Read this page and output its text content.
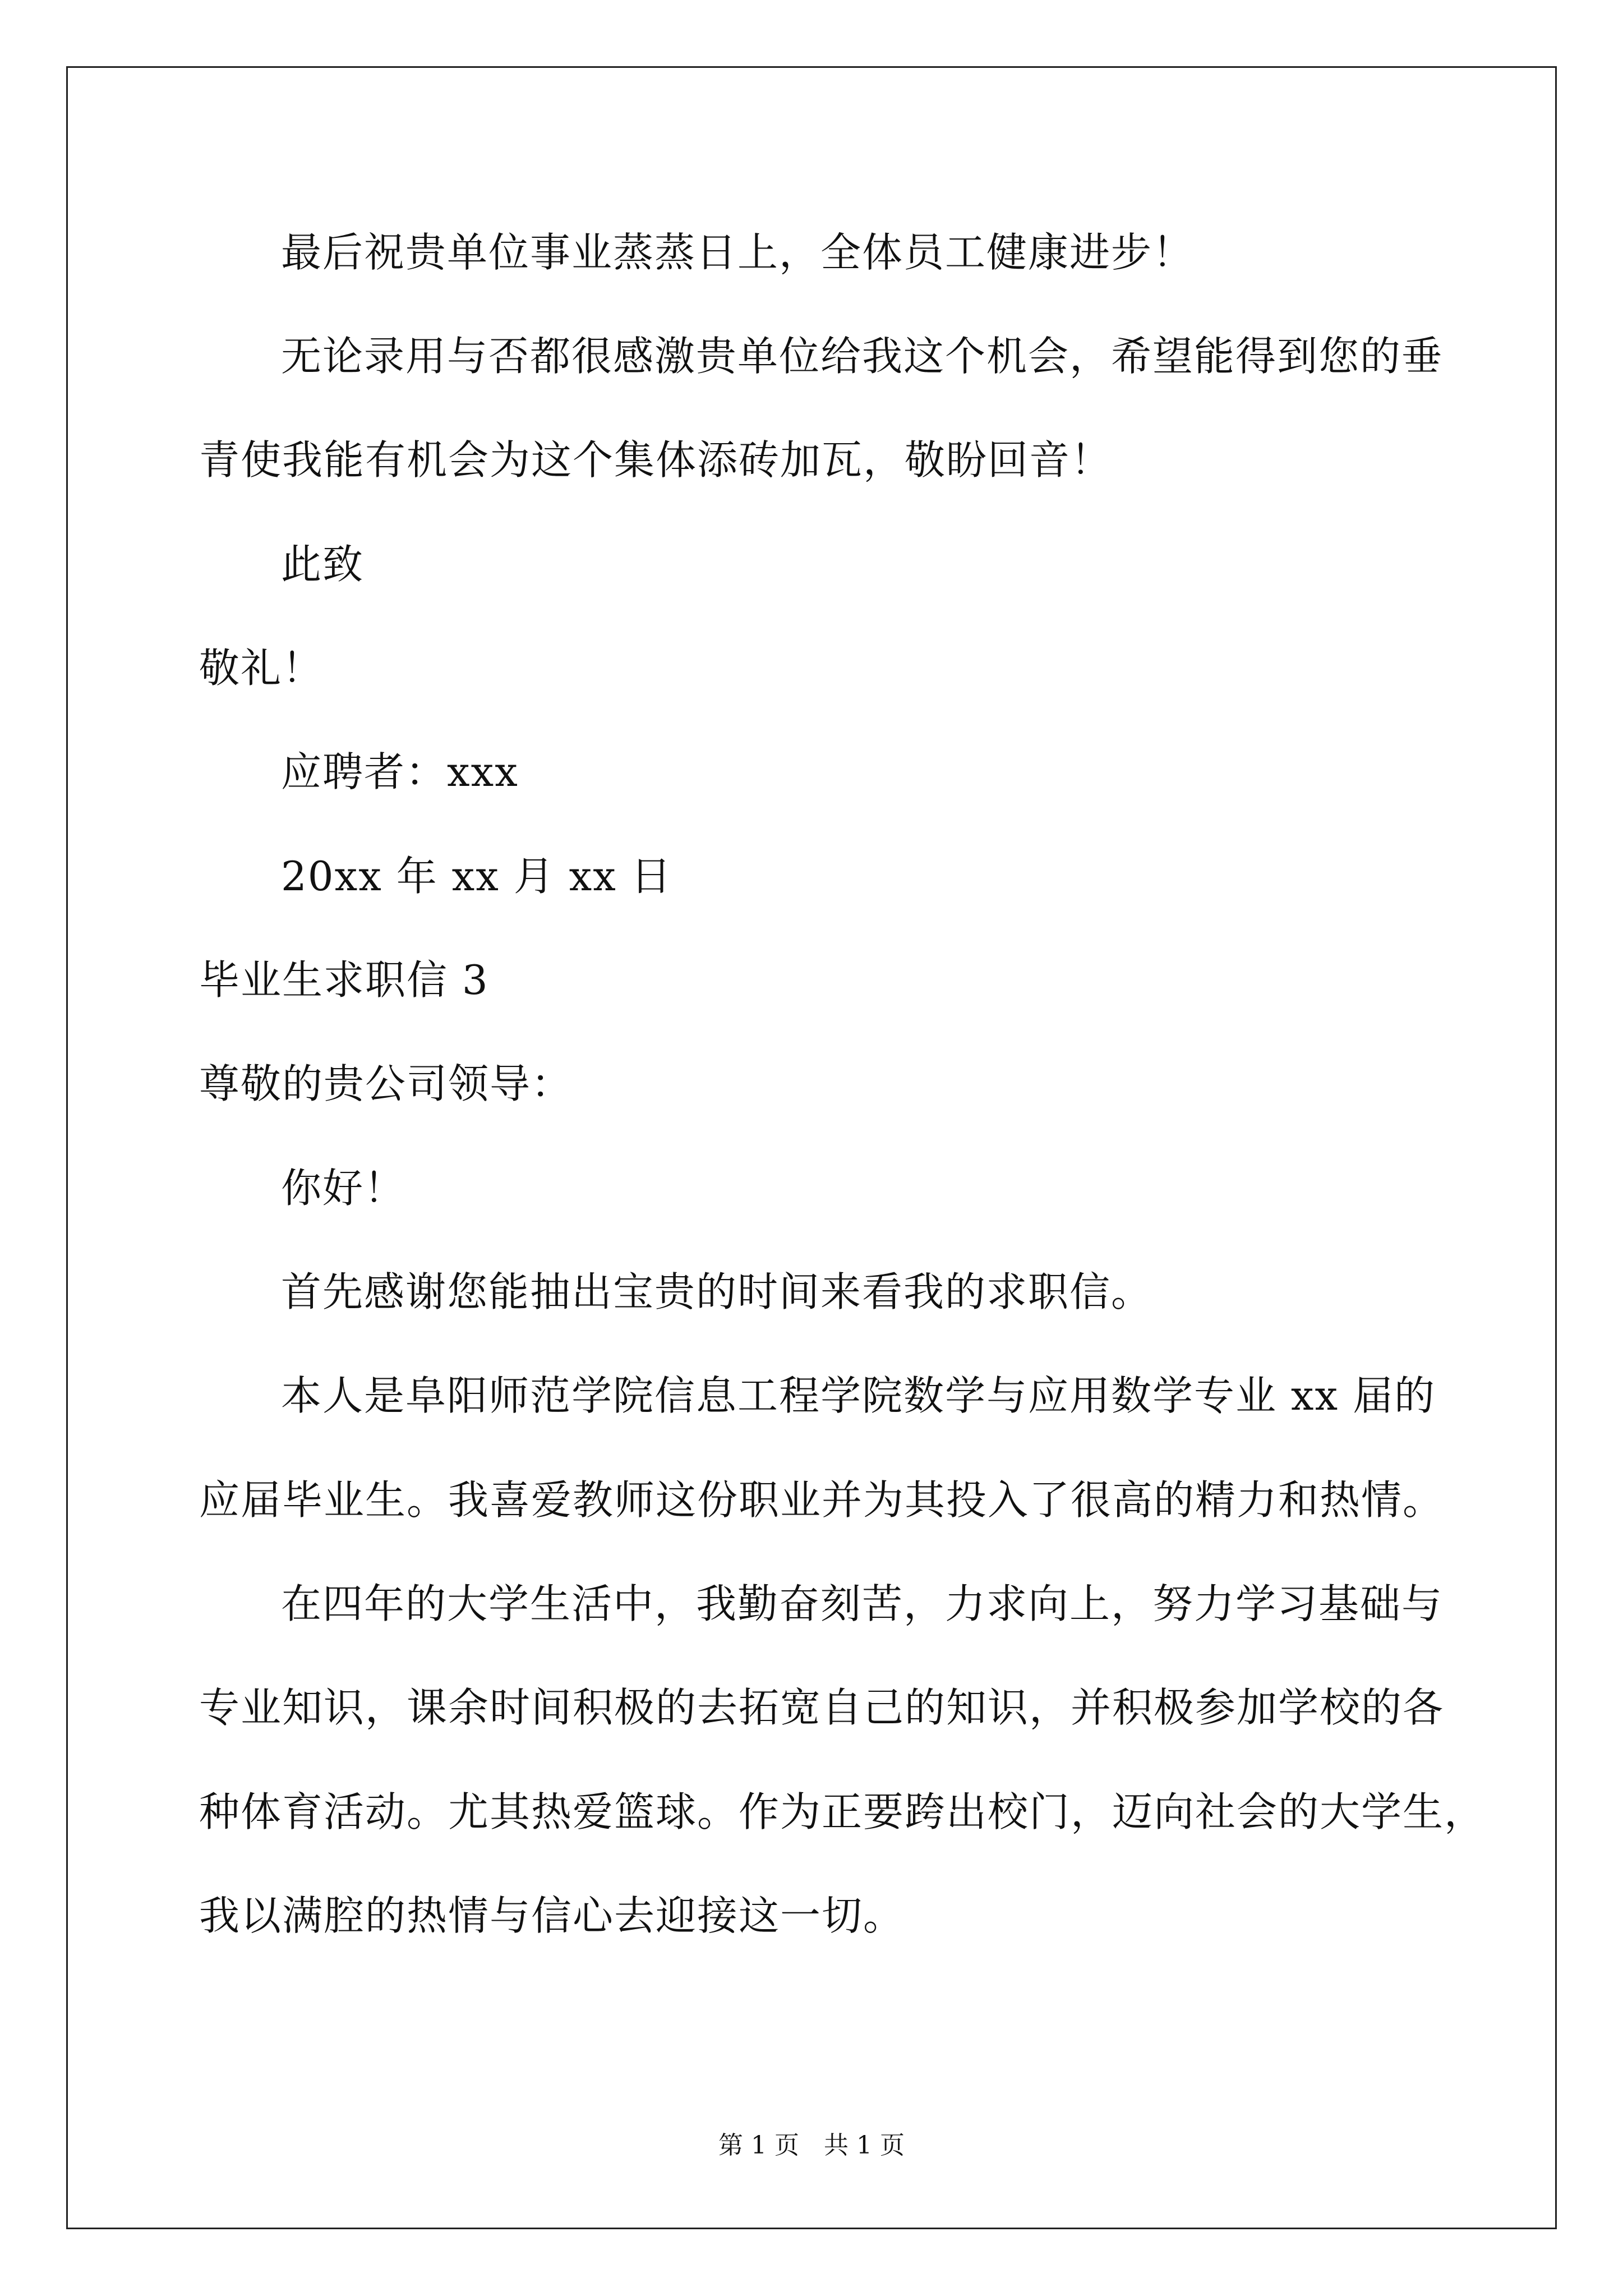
最后祝贵单位事业蒸蒸日上，全体员工健康进步！
无论录用与否都很感激贵单位给我这个机会，希望能得到您的垂
青使我能有机会为这个集体添砖加瓦，敬盼回音！
此致
敬礼！
应聘者：xxx
20xx 年 xx 月 xx 日
毕业生求职信 3
尊敬的贵公司领导：
你好！
首先感谢您能抽出宝贵的时间来看我的求职信。
本人是阜阳师范学院信息工程学院数学与应用数学专业 xx 届的
应届毕业生。我喜爱教师这份职业并为其投入了很高的精力和热情。
在四年的大学生活中，我勤奋刻苦，力求向上，努力学习基础与
专业知识，课余时间积极的去拓宽自己的知识，并积极参加学校的各
种体育活动。尤其热爱篮球。作为正要跨出校门，迈向社会的大学生，
我以满腔的热情与信心去迎接这一切。
第 1 页　共 1 页
